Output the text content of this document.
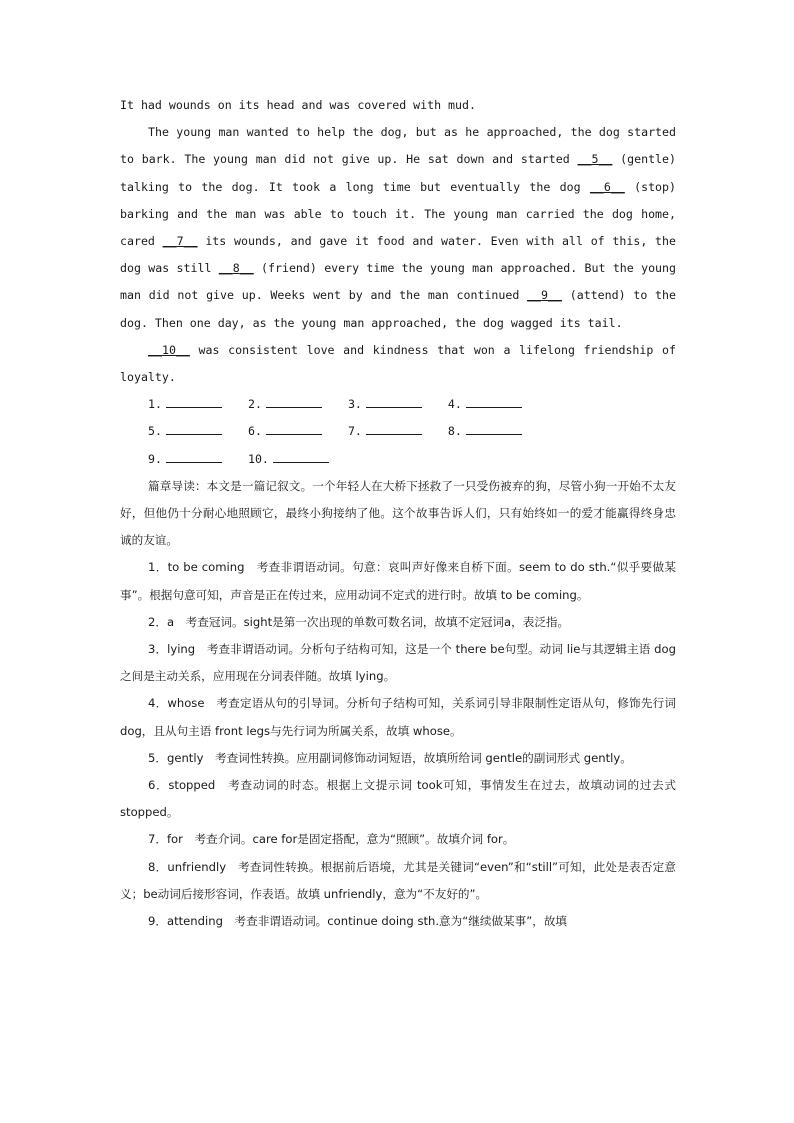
It had wounds on its head and was covered with mud.

The young man wanted to help the dog, but as he approached, the dog started to bark. The young man did not give up. He sat down and started __5__ (gentle) talking to the dog. It took a long time but eventually the dog __6__ (stop) barking and the man was able to touch it. The young man carried the dog home, cared __7__ its wounds, and gave it food and water. Even with all of this, the dog was still __8__ (friend) every time the young man approached. But the young man did not give up. Weeks went by and the man continued __9__ (attend) to the dog. Then one day, as the young man approached, the dog wagged its tail.

__10__ was consistent love and kindness that won a lifelong friendship of loyalty.

1.	2.	3.	4.
5.	6.	7.	8.
9.	10.

篇章导读：本文是一篇记叙文。一个年轻人在大桥下拯救了一只受伤被弃的狗，尽管小狗一开始不太友好，但他仍十分耐心地照顾它，最终小狗接纳了他。这个故事告诉人们，只有始终如一的爱才能赢得终身忠诚的友谊。

1．to be coming　考查非谓语动词。句意：哀叫声好像来自桥下面。seem to do sth.“似乎要做某事”。根据句意可知，声音是正在传过来，应用动词不定式的进行时。故填 to be coming。

2．a　考查冠词。sight是第一次出现的单数可数名词，故填不定冠词a，表泛指。

3．lying　考查非谓语动词。分析句子结构可知，这是一个 there be句型。动词 lie与其逻辑主语 dog之间是主动关系，应用现在分词表伴随。故填 lying。

4．whose　考查定语从句的引导词。分析句子结构可知，关系词引导非限制性定语从句，修饰先行词 dog，且从句主语 front legs与先行词为所属关系，故填 whose。

5．gently　考查词性转换。应用副词修饰动词短语，故填所给词 gentle的副词形式 gently。

6．stopped　考查动词的时态。根据上文提示词 took可知，事情发生在过去，故填动词的过去式 stopped。

7．for　考查介词。care for是固定搭配，意为“照顾”。故填介词 for。

8．unfriendly　考查词性转换。根据前后语境，尤其是关键词“even”和“still”可知，此处是表否定意义；be动词后接形容词，作表语。故填 unfriendly，意为“不友好的”。

9．attending　考查非谓语动词。continue doing sth.意为“继续做某事”，故填
